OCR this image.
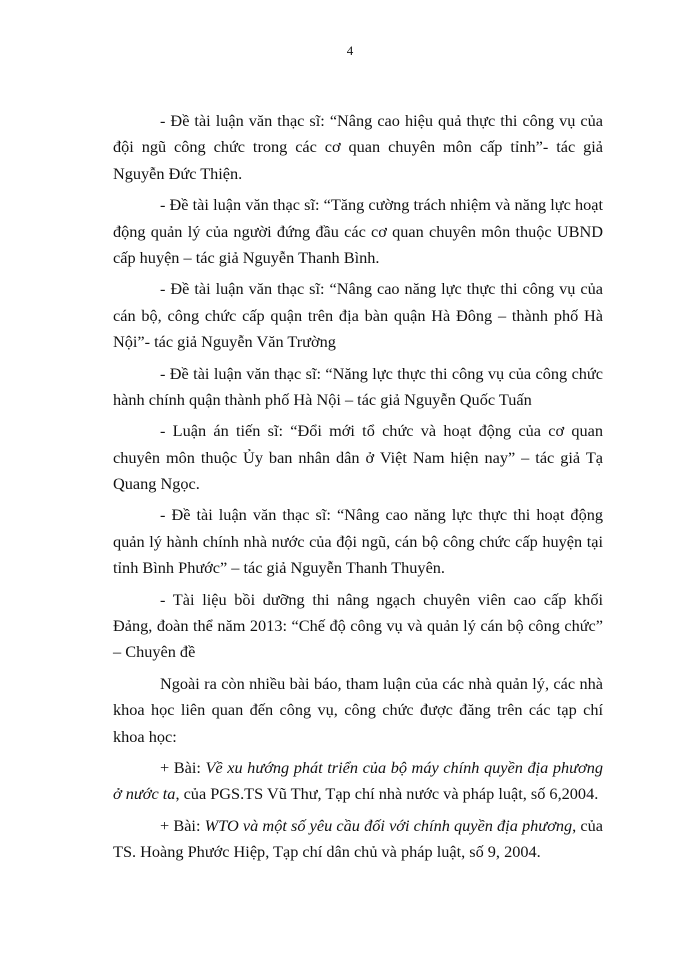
4

- Đề tài luận văn thạc sĩ: “Nâng cao hiệu quả thực thi công vụ của đội ngũ công chức trong các cơ quan chuyên môn cấp tỉnh”- tác giả Nguyễn Đức Thiện.

- Đề tài luận văn thạc sĩ: “Tăng cường trách nhiệm và năng lực hoạt động quản lý của người đứng đầu các cơ quan chuyên môn thuộc UBND cấp huyện – tác giả Nguyễn Thanh Bình.

- Đề tài luận văn thạc sĩ: “Nâng cao năng lực thực thi công vụ của cán bộ, công chức cấp quận trên địa bàn quận Hà Đông – thành phố Hà Nội”- tác giả Nguyễn Văn Trường

- Đề tài luận văn thạc sĩ: “Năng lực thực thi công vụ của công chức hành chính quận thành phố Hà Nội – tác giả Nguyễn Quốc Tuấn

- Luận án tiến sĩ: “Đổi mới tổ chức và hoạt động của cơ quan chuyên môn thuộc Ủy ban nhân dân ở Việt Nam hiện nay” – tác giả Tạ Quang Ngọc.

- Đề tài luận văn thạc sĩ: “Nâng cao năng lực thực thi hoạt động quản lý hành chính nhà nước của đội ngũ, cán bộ công chức cấp huyện tại tỉnh Bình Phước” – tác giả Nguyễn Thanh Thuyên.

- Tài liệu bồi dưỡng thi nâng ngạch chuyên viên cao cấp khối Đảng, đoàn thể năm 2013: “Chế độ công vụ và quản lý cán bộ công chức” – Chuyên đề

Ngoài ra còn nhiều bài báo, tham luận của các nhà quản lý, các nhà khoa học liên quan đến công vụ, công chức được đăng trên các tạp chí khoa học:

+ Bài: Về xu hướng phát triển của bộ máy chính quyền địa phương ở nước ta, của PGS.TS Vũ Thư, Tạp chí nhà nước và pháp luật, số 6,2004.

+ Bài: WTO và một số yêu cầu đối với chính quyền địa phương, của TS. Hoàng Phước Hiệp, Tạp chí dân chủ và pháp luật, số 9, 2004.
